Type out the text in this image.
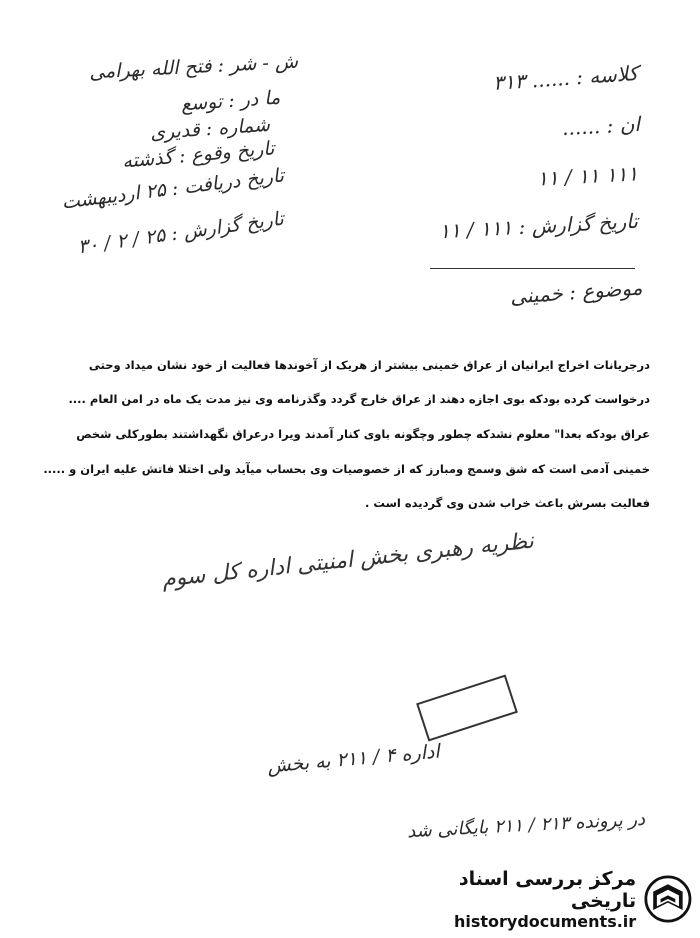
ش - شر : فتح الله بهرامی
ما در : توسع
شماره : قدیری
تاریخ وقوع : گذشته
تاریخ دریافت : ۲۵ اردیبهشت
تاریخ گزارش : ۲۵ / ۲ / ۳۰
کلاسه : ...... ۳۱۳
ان : ......
۱۱۱ ۱۱ / ۱۱
تاریخ گزارش : ۱۱۱ / ۱۱
موضوع : خمینی
درجریانات اخراج ایرانیان از عراق خمینی بیشتر از هریک از آخوندها فعالیت از خود نشان میداد وحتی
درخواست کرده بودکه بوی اجازه دهند از عراق خارج گردد وگذرنامه وی نیز مدت یک ماه در امن العام ....
عراق بودکه بعدا" معلوم نشدکه چطور وچگونه باوی کنار آمدند ویرا درعراق نگهداشتند بطورکلی شخص
خمینی آدمی است که شق وسمج ومبارز که از خصوصیات وی بحساب میآید ولی اختلا فاتش علیه ایران و .....
فعالیت بسرش باعث خراب شدن وی گردیده است .
نظریه رهبری بخش امنیتی اداره کل سوم
اداره ۴ / ۲۱۱ به بخش
در پرونده ۲۱۳ / ۲۱۱ بایگانی شد
مرکز بررسی اسناد تاریخی
historydocuments.ir
